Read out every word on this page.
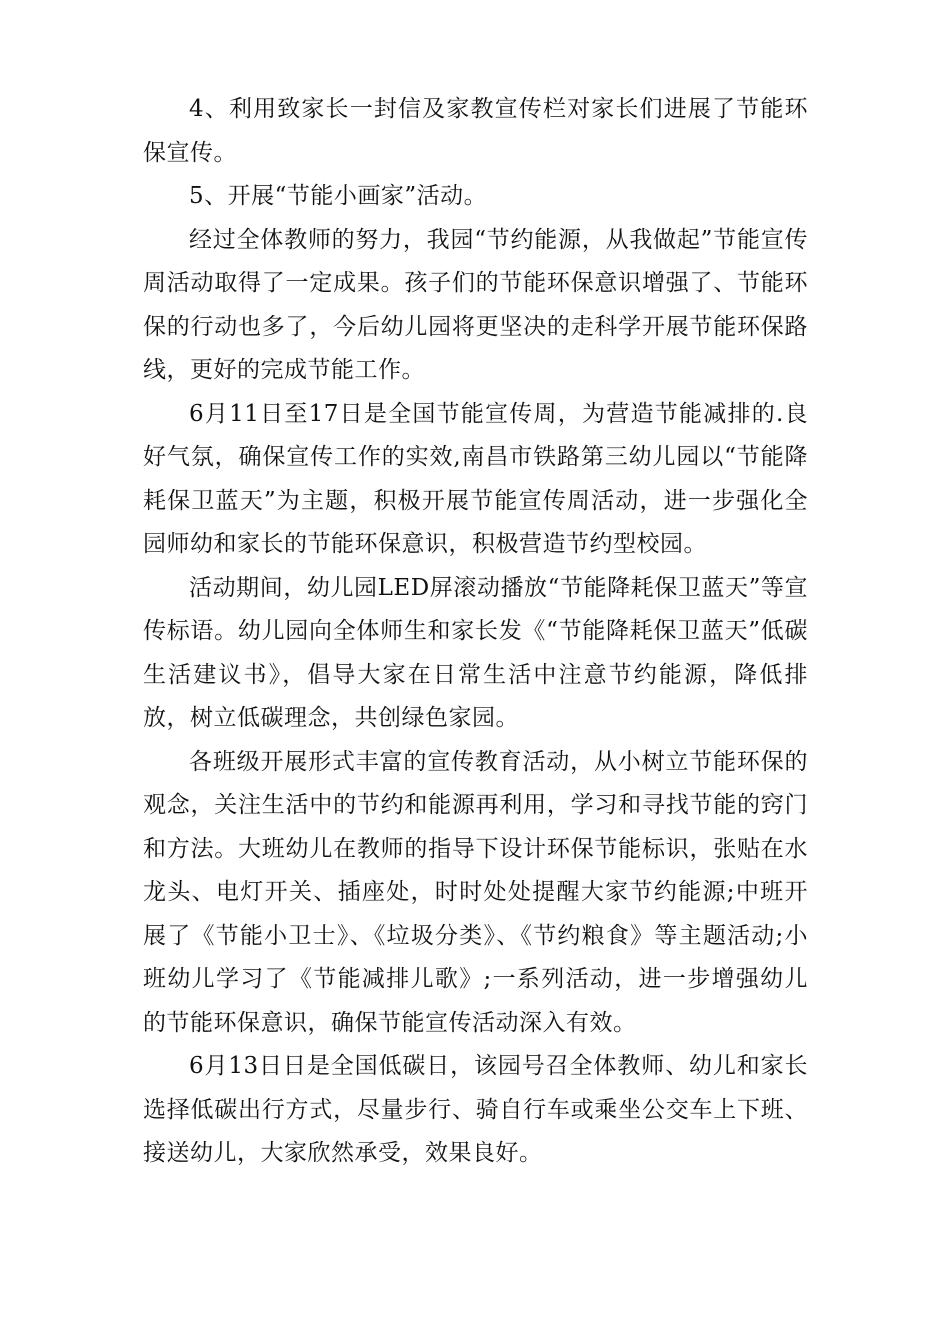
4、利用致家长一封信及家教宣传栏对家长们进展了节能环保宣传。

5、开展“节能小画家”活动。

经过全体教师的努力，我园“节约能源，从我做起”节能宣传周活动取得了一定成果。孩子们的节能环保意识增强了、节能环保的行动也多了，今后幼儿园将更坚决的走科学开展节能环保路线，更好的完成节能工作。

6月11日至17日是全国节能宣传周，为营造节能减排的.良好气氛，确保宣传工作的实效,南昌市铁路第三幼儿园以“节能降耗保卫蓝天”为主题，积极开展节能宣传周活动，进一步强化全园师幼和家长的节能环保意识，积极营造节约型校园。

活动期间，幼儿园LED屏滚动播放“节能降耗保卫蓝天”等宣传标语。幼儿园向全体师生和家长发《“节能降耗保卫蓝天”低碳生活建议书》，倡导大家在日常生活中注意节约能源，降低排放，树立低碳理念，共创绿色家园。

各班级开展形式丰富的宣传教育活动，从小树立节能环保的观念，关注生活中的节约和能源再利用，学习和寻找节能的窍门和方法。大班幼儿在教师的指导下设计环保节能标识，张贴在水龙头、电灯开关、插座处，时时处处提醒大家节约能源;中班开展了《节能小卫士》、《垃圾分类》、《节约粮食》等主题活动;小班幼儿学习了《节能减排儿歌》;一系列活动，进一步增强幼儿的节能环保意识，确保节能宣传活动深入有效。

6月13日日是全国低碳日，该园号召全体教师、幼儿和家长选择低碳出行方式，尽量步行、骑自行车或乘坐公交车上下班、接送幼儿，大家欣然承受，效果良好。
